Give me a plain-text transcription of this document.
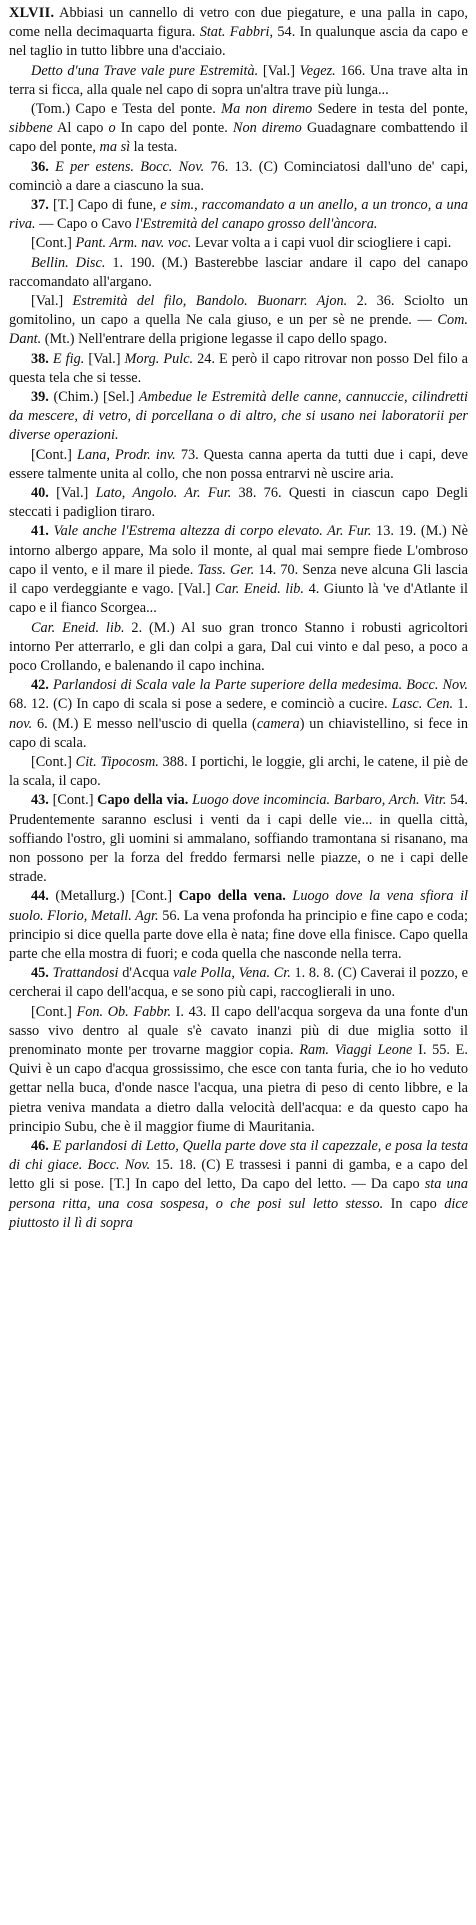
XLVII. Abbiasi un cannello di vetro con due piegature, e una palla in capo, come nella decimaquarta figura. Stat. Fabbri, 54. In qualunque ascia da capo e nel taglio in tutto libbre una d'acciaio.

Detto d'una Trave vale pure Estremità. [Val.] Vegez. 166. Una trave alta in terra si ficca, alla quale nel capo di sopra un'altra trave più lunga...

(Tom.) Capo e Testa del ponte. Ma non diremo Sedere in testa del ponte, sibbene Al capo o In capo del ponte. Non diremo Guadagnare combattendo il capo del ponte, ma sì la testa.

36. E per estens. Bocc. Nov. 76. 13. (C) Cominciatosi dall'uno de' capi, cominciò a dare a ciascuno la sua.

37. [T.] Capo di fune, e sim., raccomandato a un anello, a un tronco, a una riva. — Capo o Cavo l'Estremità del canapo grosso dell'àncora.

[Cont.] Pant. Arm. nav. voc. Levar volta a i capi vuol dir sciogliere i capi.

Bellin. Disc. 1. 190. (M.) Basterebbe lasciar andare il capo del canapo raccomandato all'argano.

[Val.] Estremità del filo, Bandolo. Buonarr. Ajon. 2. 36. Sciolto un gomitolino, un capo a quella Ne cala giuso, e un per sè ne prende. — Com. Dant. (Mt.) Nell'entrare della prigione legasse il capo dello spago.

38. E fig. [Val.] Morg. Pulc. 24. E però il capo ritrovar non posso Del filo a questa tela che si tesse.

39. (Chim.) [Sel.] Ambedue le Estremità delle canne, cannuccie, cilindretti da mescere, di vetro, di porcellana o di altro, che si usano nei laboratorii per diverse operazioni.

[Cont.] Lana, Prodr. inv. 73. Questa canna aperta da tutti due i capi, deve essere talmente unita al collo, che non possa entrarvi nè uscire aria.

40. [Val.] Lato, Angolo. Ar. Fur. 38. 76. Questi in ciascun capo Degli steccati i padiglion tiraro.

41. Vale anche l'Estrema altezza di corpo elevato. Ar. Fur. 13. 19. (M.) Nè intorno albergo appare, Ma solo il monte, al qual mai sempre fiede L'ombroso capo il vento, e il mare il piede. Tass. Ger. 14. 70. Senza neve alcuna Gli lascia il capo verdeggiante e vago. [Val.] Car. Eneid. lib. 4. Giunto là 've d'Atlante il capo e il fianco Scorgea...

Car. Eneid. lib. 2. (M.) Al suo gran tronco Stanno i robusti agricoltori intorno Per atterrarlo, e gli dan colpi a gara, Dal cui vinto e dal peso, a poco a poco Crollando, e balenando il capo inchina.

42. Parlandosi di Scala vale la Parte superiore della medesima. Bocc. Nov. 68. 12. (C) In capo di scala si pose a sedere, e cominciò a cucire. Lasc. Cen. 1. nov. 6. (M.) E messo nell'uscio di quella (camera) un chiavistellino, si fece in capo di scala.

[Cont.] Cit. Tipocosm. 388. I portichi, le loggie, gli archi, le catene, il piè de la scala, il capo.

43. [Cont.] Capo della via. Luogo dove incomincia. Barbaro, Arch. Vitr. 54. Prudentemente saranno esclusi i venti da i capi delle vie... in quella città, soffiando l'ostro, gli uomini si ammalano, soffiando tramontana si risanano, ma non possono per la forza del freddo fermarsi nelle piazze, o ne i capi delle strade.

44. (Metallurg.) [Cont.] Capo della vena. Luogo dove la vena sfiora il suolo. Florio, Metall. Agr. 56. La vena profonda ha principio e fine capo e coda; principio si dice quella parte dove ella è nata; fine dove ella finisce. Capo quella parte che ella mostra di fuori; e coda quella che nasconde nella terra.

45. Trattandosi d'Acqua vale Polla, Vena. Cr. 1. 8. 8. (C) Caverai il pozzo, e cercherai il capo dell'acqua, e se sono più capi, raccoglierali in uno.

[Cont.] Fon. Ob. Fabbr. I. 43. Il capo dell'acqua sorgeva da una fonte d'un sasso vivo dentro al quale s'è cavato inanzi più di due miglia sotto il prenominato monte per trovarne maggior copia. Ram. Viaggi Leone I. 55. E. Quivi è un capo d'acqua grossissimo, che esce con tanta furia, che io ho veduto gettar nella buca, d'onde nasce l'acqua, una pietra di peso di cento libbre, e la pietra veniva mandata a dietro dalla velocità dell'acqua: e da questo capo ha principio Subu, che è il maggior fiume di Mauritania.

46. E parlandosi di Letto, Quella parte dove sta il capezzale, e posa la testa di chi giace. Bocc. Nov. 15. 18. (C) E trassesi i panni di gamba, e a capo del letto gli si pose. [T.] In capo del letto, Da capo del letto. — Da capo sta una persona ritta, una cosa sospesa, o che posi sul letto stesso. In capo dice piuttosto il lì di sopra
